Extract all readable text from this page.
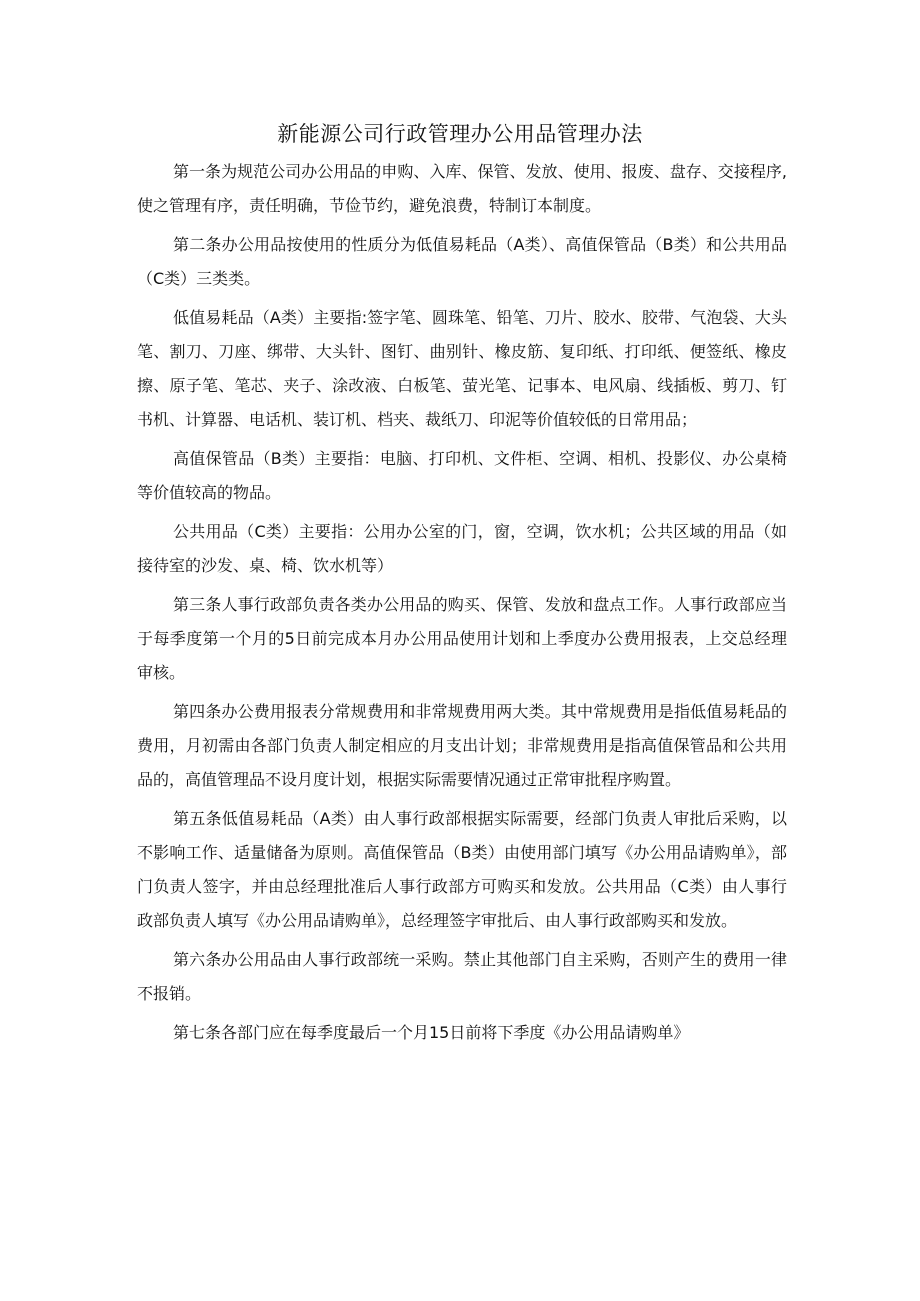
新能源公司行政管理办公用品管理办法

第一条为规范公司办公用品的申购、入库、保管、发放、使用、报废、盘存、交接程序,使之管理有序，责任明确，节俭节约，避免浪费，特制订本制度。

第二条办公用品按使用的性质分为低值易耗品（A类）、高值保管品（B类）和公共用品（C类）三类类。

低值易耗品（A类）主要指:签字笔、圆珠笔、铅笔、刀片、胶水、胶带、气泡袋、大头笔、割刀、刀座、绑带、大头针、图钉、曲别针、橡皮筋、复印纸、打印纸、便签纸、橡皮擦、原子笔、笔芯、夹子、涂改液、白板笔、萤光笔、记事本、电风扇、线插板、剪刀、钉书机、计算器、电话机、装订机、档夹、裁纸刀、印泥等价值较低的日常用品；

高值保管品（B类）主要指：电脑、打印机、文件柜、空调、相机、投影仪、办公桌椅等价值较高的物品。

公共用品（C类）主要指：公用办公室的门，窗，空调，饮水机；公共区域的用品（如接待室的沙发、桌、椅、饮水机等）

第三条人事行政部负责各类办公用品的购买、保管、发放和盘点工作。人事行政部应当于每季度第一个月的5日前完成本月办公用品使用计划和上季度办公费用报表，上交总经理审核。

第四条办公费用报表分常规费用和非常规费用两大类。其中常规费用是指低值易耗品的费用，月初需由各部门负责人制定相应的月支出计划；非常规费用是指高值保管品和公共用品的，高值管理品不设月度计划，根据实际需要情况通过正常审批程序购置。

第五条低值易耗品（A类）由人事行政部根据实际需要，经部门负责人审批后采购，以不影响工作、适量储备为原则。高值保管品（B类）由使用部门填写《办公用品请购单》，部门负责人签字，并由总经理批准后人事行政部方可购买和发放。公共用品（C类）由人事行政部负责人填写《办公用品请购单》，总经理签字审批后、由人事行政部购买和发放。

第六条办公用品由人事行政部统一采购。禁止其他部门自主采购，否则产生的费用一律不报销。

第七条各部门应在每季度最后一个月15日前将下季度《办公用品请购单》
